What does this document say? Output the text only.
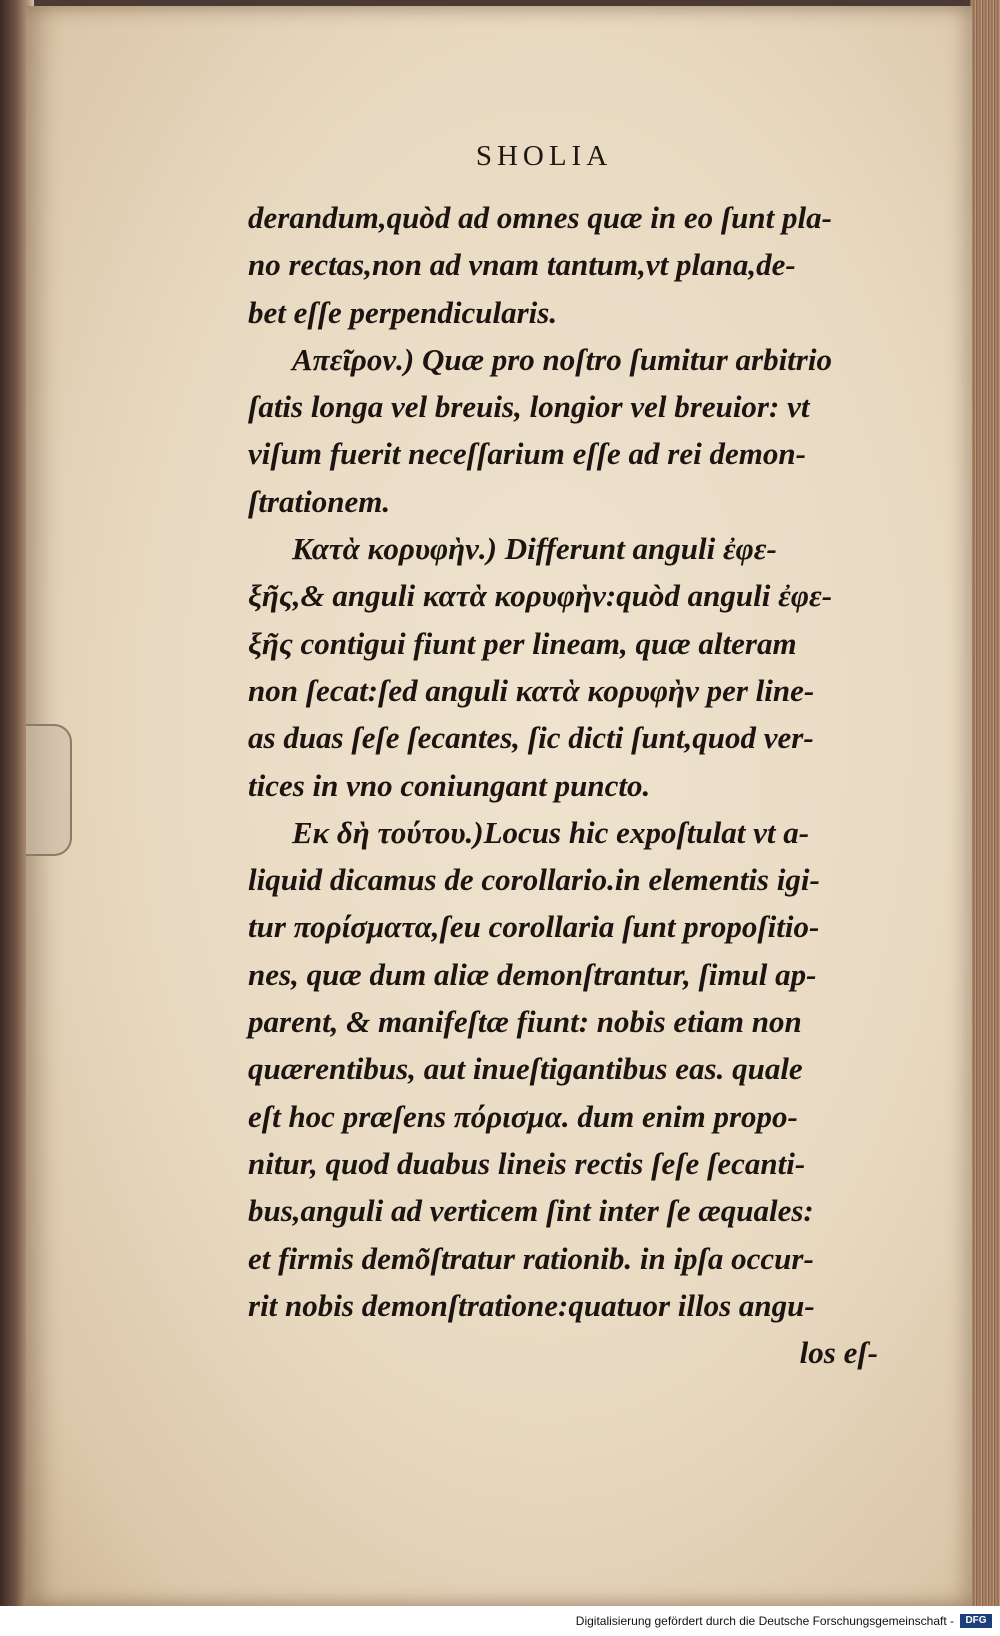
SHOLIA
derandum,quòd ad omnes quæ in eo ſunt pla-
no rectas,non ad vnam tantum,vt plana,de-
bet eſſe perpendicularis.
Απεῖρον.) Quæ pro noſtro ſumitur arbitrio
ſatis longa vel breuis, longior vel breuior: vt
viſum fuerit neceſſarium eſſe ad rei demon-
ſtrationem.
Κατὰ κορυφὴν.) Differunt anguli ἐφε-
ξῆς,& anguli κατὰ κορυφὴν:quòd anguli ἐφε-
ξῆς contigui fiunt per lineam, quæ alteram
non ſecat:ſed anguli κατὰ κορυφὴν per line-
as duas ſeſe ſecantes, ſic dicti ſunt,quod ver-
tices in vno coniungant puncto.
Εκ δὴ τούτου.)Locus hic expoſtulat vt a-
liquid dicamus de corollario.in elementis igi-
tur πορίσματα,ſeu corollaria ſunt propoſitio-
nes, quæ dum aliæ demonſtrantur, ſimul ap-
parent, & manifeſtæ fiunt: nobis etiam non
quærentibus, aut inueſtigantibus eas. quale
eſt hoc præſens πόρισμα. dum enim propo-
nitur, quod duabus lineis rectis ſeſe ſecanti-
bus,anguli ad verticem ſint inter ſe æquales:
et firmis demõſtratur rationib. in ipſa occur-
rit nobis demonſtratione:quatuor illos angu-
los eſ-
Digitalisierung gefördert durch die Deutsche Forschungsgemeinschaft -	DFG
